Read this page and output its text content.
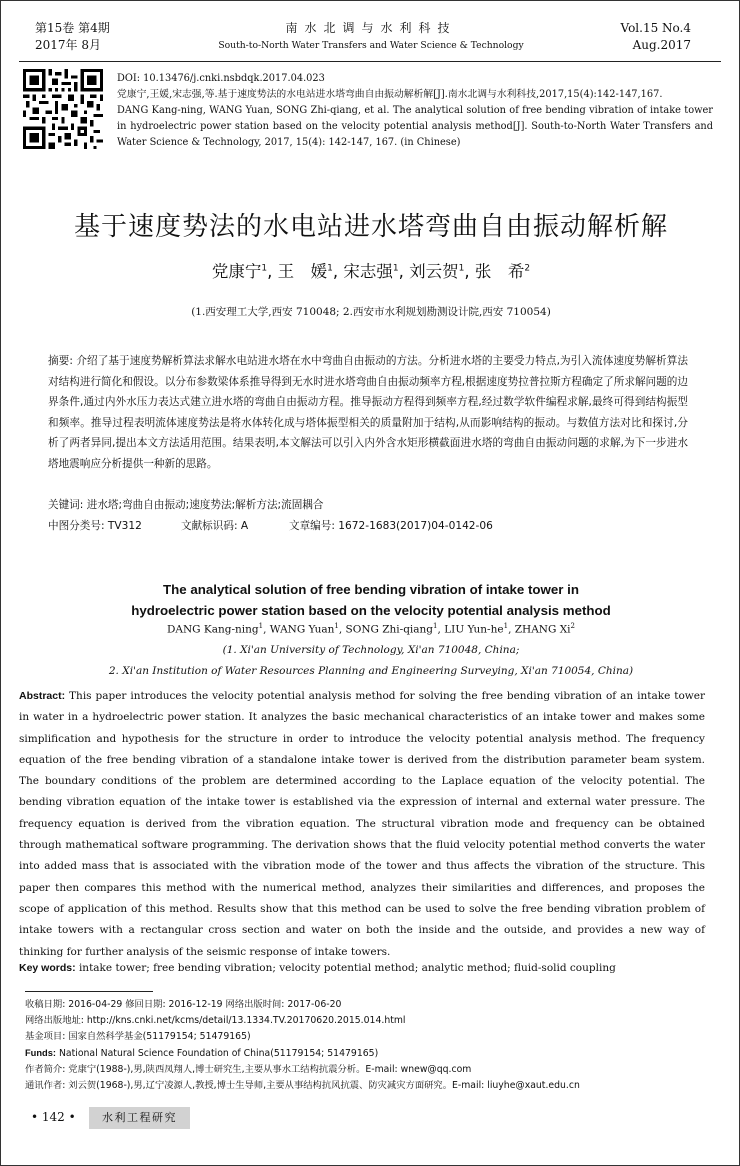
第15卷 第4期
2017年 8月
南水北调与水利科技
South-to-North Water Transfers and Water Science & Technology
Vol.15 No.4
Aug.2017
DOI: 10.13476/j.cnki.nsbdqk.2017.04.023
党康宁,王媛,宋志强,等.基于速度势法的水电站进水塔弯曲自由振动解析解[J].南水北调与水利科技,2017,15(4):142-147,167.
DANG Kang-ning, WANG Yuan, SONG Zhi-qiang, et al. The analytical solution of free bending vibration of intake tower in hydroelectric power station based on the velocity potential analysis method[J]. South-to-North Water Transfers and Water Science & Technology, 2017, 15(4): 142-147, 167. (in Chinese)
基于速度势法的水电站进水塔弯曲自由振动解析解
党康宁$^1$, 王　媛$^1$, 宋志强$^1$, 刘云贺$^1$, 张　希$^2$
(1.西安理工大学,西安 710048; 2.西安市水利规划勘测设计院,西安 710054)
摘要: 介绍了基于速度势解析算法求解水电站进水塔在水中弯曲自由振动的方法。分析进水塔的主要受力特点,为引入流体速度势解析算法对结构进行简化和假设。以分布参数梁体系推导得到无水时进水塔弯曲自由振动频率方程,根据速度势拉普拉斯方程确定了所求解问题的边界条件,通过内外水压力表达式建立进水塔的弯曲自由振动方程。推导振动方程得到频率方程,经过数学软件编程求解,最终可得到结构振型和频率。推导过程表明流体速度势法是将水体转化成与塔体振型相关的质量附加于结构,从而影响结构的振动。与数值方法对比和探讨,分析了两者异同,提出本文方法适用范围。结果表明,本文解法可以引入内外含水矩形横截面进水塔的弯曲自由振动问题的求解,为下一步进水塔地震响应分析提供一种新的思路。
关键词: 进水塔;弯曲自由振动;速度势法;解析方法;流固耦合
中图分类号: TV312	文献标识码: A	文章编号: 1672-1683(2017)04-0142-06
The analytical solution of free bending vibration of intake tower in
hydroelectric power station based on the velocity potential analysis method
DANG Kang-ning$^1$, WANG Yuan$^1$, SONG Zhi-qiang$^1$, LIU Yun-$he^1$, ZHANG Xi$^2$
(1. Xi'an University of Technology, Xi'an 710048, China;
2. Xi'an Institution of Water Resources Planning and Engineering Surveying, Xi'an 710054, China)
Abstract: This paper introduces the velocity potential analysis method for solving the free bending vibration of an intake tower in water in a hydroelectric power station. It analyzes the basic mechanical characteristics of an intake tower and makes some simplification and hypothesis for the structure in order to introduce the velocity potential analysis method. The frequency equation of the free bending vibration of a standalone intake tower is derived from the distribution parameter beam system. The boundary conditions of the problem are determined according to the Laplace equation of the velocity potential. The bending vibration equation of the intake tower is established via the expression of internal and external water pressure. The frequency equation is derived from the vibration equation. The structural vibration mode and frequency can be obtained through mathematical software programming. The derivation shows that the fluid velocity potential method converts the water into added mass that is associated with the vibration mode of the tower and thus affects the vibration of the structure. This paper then compares this method with the numerical method, analyzes their similarities and differences, and proposes the scope of application of this method. Results show that this method can be used to solve the free bending vibration problem of intake towers with a rectangular cross section and water on both the inside and the outside, and provides a new way of thinking for further analysis of the seismic response of intake towers.
Key words: intake tower; free bending vibration; velocity potential method; analytic method; fluid-solid coupling
收稿日期: 2016-04-29 修回日期: 2016-12-19 网络出版时间: 2017-06-20
网络出版地址: http://kns.cnki.net/kcms/detail/13.1334.TV.20170620.2015.014.html
基金项目: 国家自然科学基金(51179154; 51479165)
Funds: National Natural Science Foundation of China(51179154; 51479165)
作者简介: 党康宁(1988-),男,陕西凤翔人,博士研究生,主要从事水工结构抗震分析。E-mail: wnew@qq.com
通讯作者: 刘云贺(1968-),男,辽宁凌源人,教授,博士生导师,主要从事结构抗风抗震、防灾减灾方面研究。E-mail: liuyhe@xaut.edu.cn
• 142 •	水利工程研究
